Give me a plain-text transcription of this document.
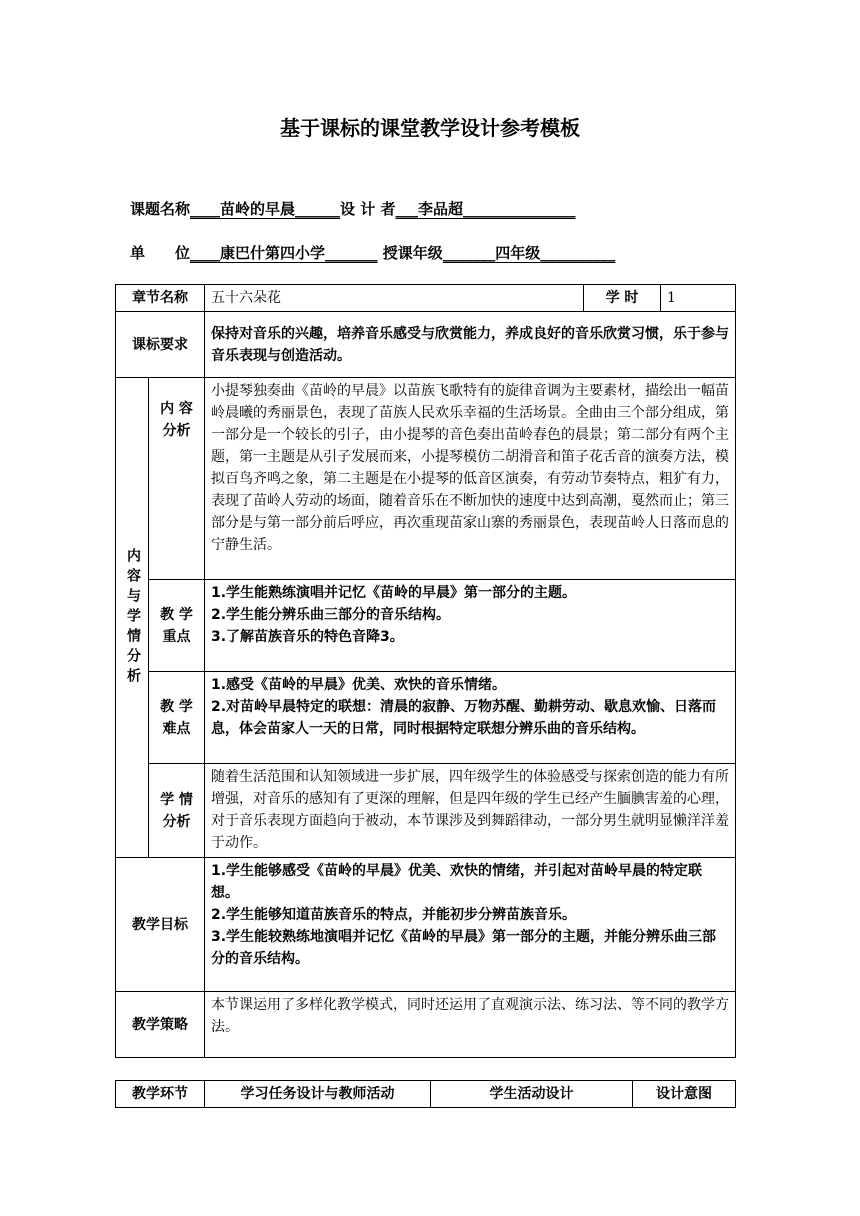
基于课标的课堂教学设计参考模板
课题名称____苗岭的早晨______设 计 者___李品超_______________
单　　位____康巴什第四小学_______ 授课年级_______四年级__________
章节名称		五十六朵花	学 时	1
课标要求		保持对音乐的兴趣，培养音乐感受与欣赏能力，养成良好的音乐欣赏习惯，乐于参与音乐表现与创造活动。		

内容与学情分析	内 容分析	小提琴独奏曲《苗岭的早晨》以苗族飞歌特有的旋律音调为主要素材，描绘出一幅苗岭晨曦的秀丽景色，表现了苗族人民欢乐幸福的生活场景。全曲由三个部分组成，第一部分是一个较长的引子，由小提琴的音色奏出苗岭春色的晨景；第二部分有两个主题，第一主题是从引子发展而来，小提琴模仿二胡滑音和笛子花舌音的演奏方法，模拟百鸟齐鸣之象，第二主题是在小提琴的低音区演奏，有劳动节奏特点，粗犷有力，表现了苗岭人劳动的场面，随着音乐在不断加快的速度中达到高潮，戛然而止；第三部分是与第一部分前后呼应，再次重现苗家山寨的秀丽景色，表现苗岭人日落而息的宁静生活。		
	教 学重点	1.学生能熟练演唱并记忆《苗岭的早晨》第一部分的主题。

2.学生能分辨乐曲三部分的音乐结构。

3.了解苗族音乐的特色音降3。		

	教 学难点	1.感受《苗岭的早晨》优美、欢快的音乐情绪。

2.对苗岭早晨特定的联想：清晨的寂静、万物苏醒、勤耕劳动、歇息欢愉、日落而息，体会苗家人一天的日常，同时根据特定联想分辨乐曲的音乐结构。		

	学 情分析	随着生活范围和认知领域进一步扩展，四年级学生的体验感受与探索创造的能力有所增强，对音乐的感知有了更深的理解，但是四年级的学生已经产生腼腆害羞的心理，对于音乐表现方面趋向于被动，本节课涉及到舞蹈律动，一部分男生就明显懒洋洋羞于动作。		
教学目标		1.学生能够感受《苗岭的早晨》优美、欢快的情绪，并引起对苗岭早晨的特定联想。

2.学生能够知道苗族音乐的特点，并能初步分辨苗族音乐。

3.学生能较熟练地演唱并记忆《苗岭的早晨》第一部分的主题，并能分辨乐曲三部分的音乐结构。		

教学策略		本节课运用了多样化教学模式，同时还运用了直观演示法、练习法、等不同的教学方法。		
教学环节	学习任务设计与教师活动	学生活动设计	设计意图
